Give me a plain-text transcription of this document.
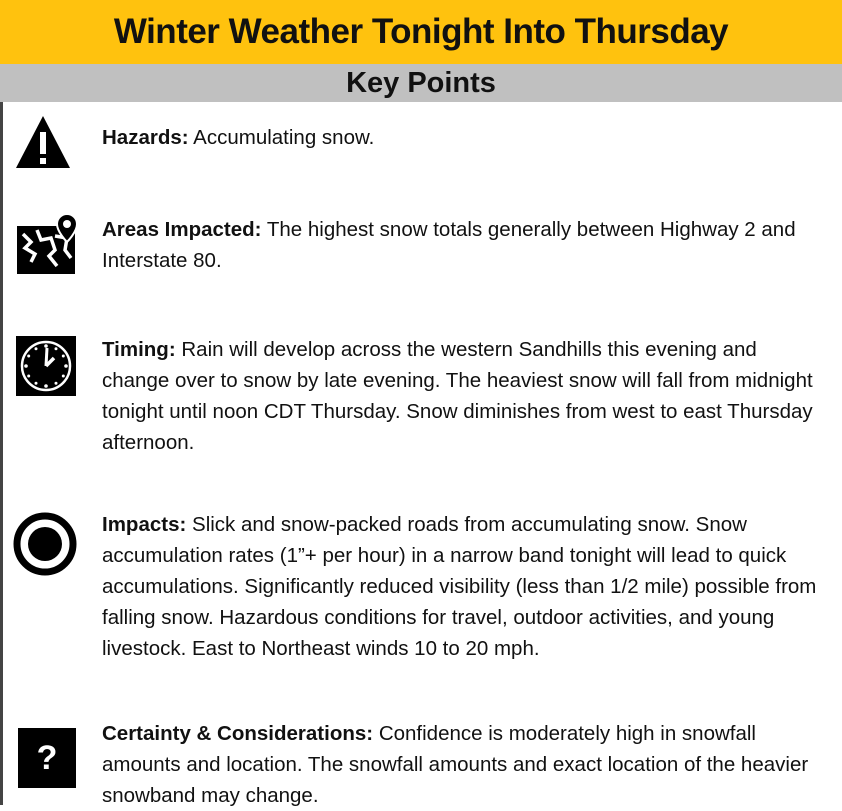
Winter Weather Tonight Into Thursday
Key Points
Hazards: Accumulating snow.
Areas Impacted: The highest snow totals generally between Highway 2 and Interstate 80.
Timing: Rain will develop across the western Sandhills this evening and change over to snow by late evening. The heaviest snow will fall from midnight tonight until noon CDT Thursday. Snow diminishes from west to east Thursday afternoon.
Impacts: Slick and snow-packed roads from accumulating snow. Snow accumulation rates (1”+ per hour) in a narrow band tonight will lead to quick accumulations. Significantly reduced visibility (less than 1/2 mile) possible from falling snow. Hazardous conditions for travel, outdoor activities, and young livestock. East to Northeast winds 10 to 20 mph.
?
Certainty & Considerations: Confidence is moderately high in snowfall amounts and location. The snowfall amounts and exact location of the heavier snowband may change.
